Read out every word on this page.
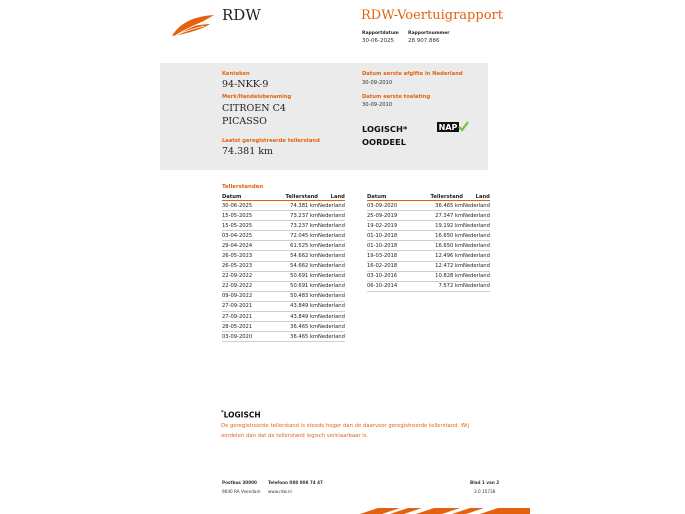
RDW	RDW-Voertuigrapport
Rapportdatum
30-06-2025
Rapportnummer
28.907.886
Kenteken
94-NKK-9
Merk/Handelsbenaming
CITROEN C4
PICASSO
Laatst geregistreerde tellerstand
74.381 km
Datum eerste afgifte in Nederland
30-09-2010
Datum eerste toelating
30-09-2010
LOGISCH*
OORDEEL
NAP
Tellerstanden
Datum	Tellerstand	Land
30-06-2025	74.381 km	Nederland
15-05-2025	73.237 km	Nederland
15-05-2025	73.237 km	Nederland
03-04-2025	72.045 km	Nederland
29-04-2024	61.525 km	Nederland
26-05-2023	54.662 km	Nederland
26-05-2023	54.662 km	Nederland
22-09-2022	50.691 km	Nederland
22-09-2022	50.691 km	Nederland
09-09-2022	50.483 km	Nederland
27-09-2021	43.849 km	Nederland
27-09-2021	43.849 km	Nederland
28-05-2021	36.465 km	Nederland
03-09-2020	36.465 km	Nederland
Datum	Tellerstand	Land
03-09-2020	36.465 km	Nederland
25-09-2019	27.347 km	Nederland
19-02-2019	19.192 km	Nederland
01-10-2018	16.650 km	Nederland
01-10-2018	16.650 km	Nederland
19-03-2018	12.496 km	Nederland
16-02-2018	12.472 km	Nederland
03-10-2016	10.828 km	Nederland
06-10-2014	7.572 km	Nederland
*LOGISCH
De geregistreerde tellerstand is steeds hoger dan de daarvoor geregistreerde tellerstand. Wij oordelen dan dat de tellerstand logisch verklaarbaar is.
Postbus 30000
9640 RA Veendam
Telefoon 088 008 74 47
www.rdw.nl
Blad 1 van 2
3.0 15738
